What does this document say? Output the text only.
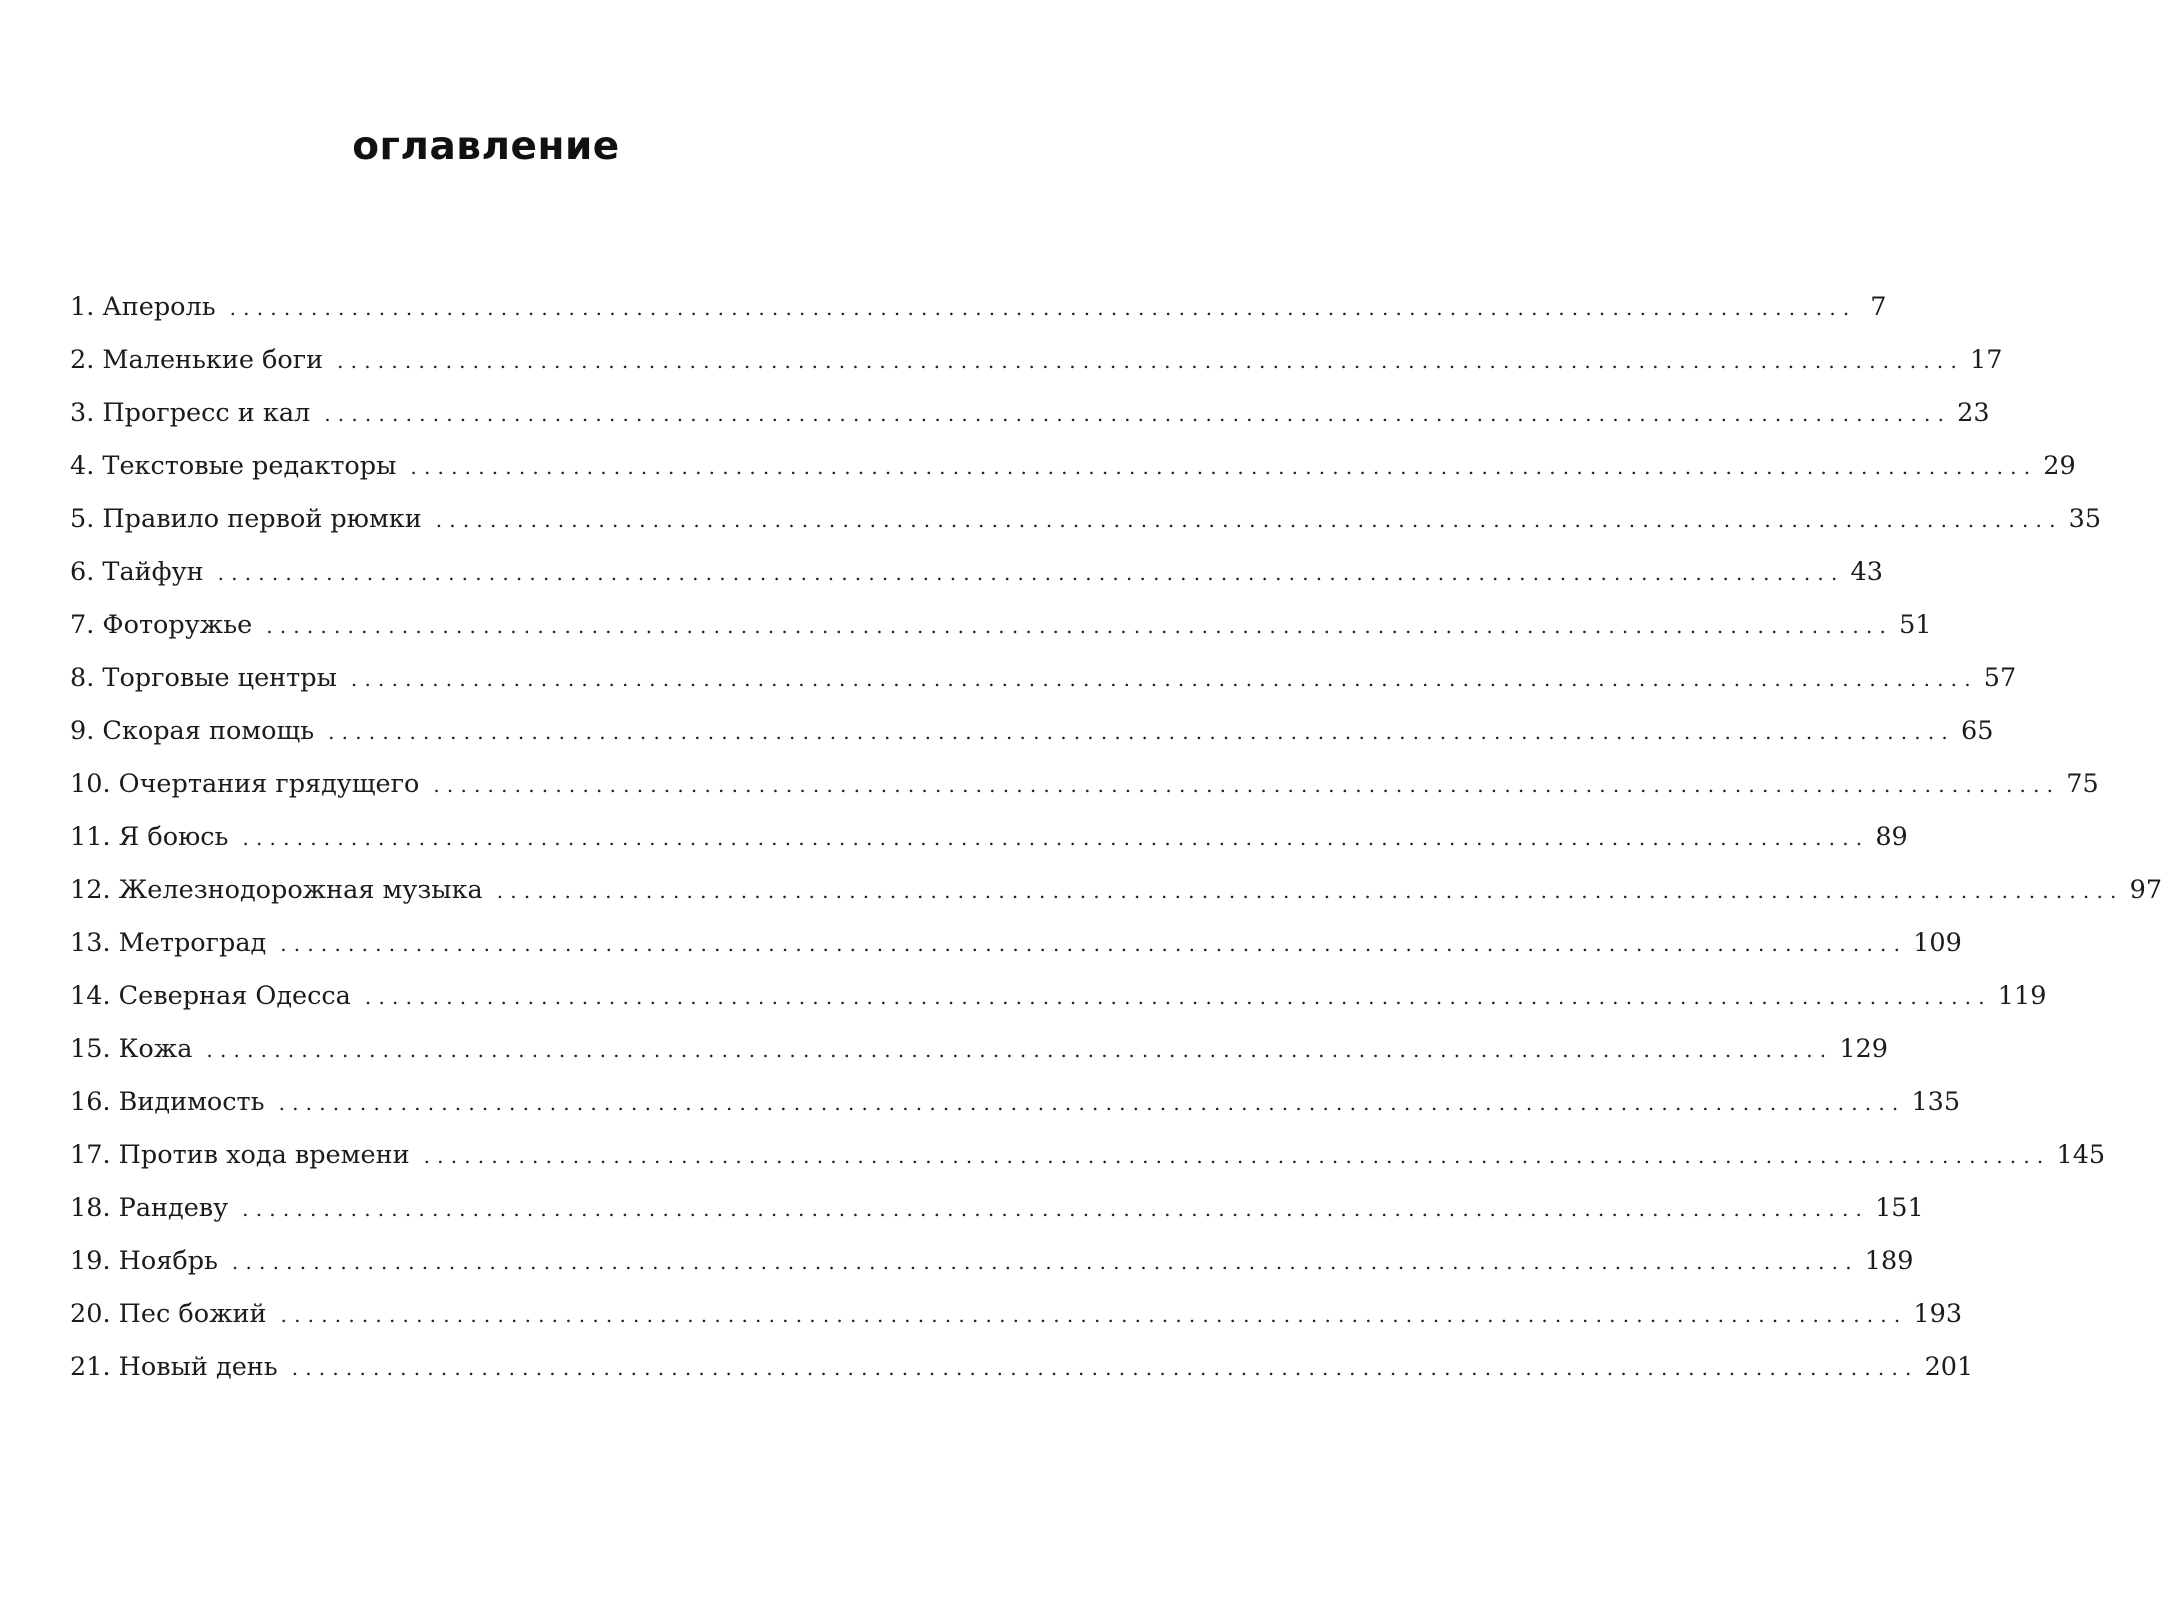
оглавление
1. Апероль ........................................................................................................................ 7
2. Маленькие боги ........................................................................................................................ 17
3. Прогресс и кал ........................................................................................................................ 23
4. Текстовые редакторы ........................................................................................................................ 29
5. Правило первой рюмки ........................................................................................................................ 35
6. Тайфун ........................................................................................................................ 43
7. Фоторужье ........................................................................................................................ 51
8. Торговые центры ........................................................................................................................ 57
9. Скорая помощь ........................................................................................................................ 65
10. Очертания грядущего ........................................................................................................................ 75
11. Я боюсь ........................................................................................................................ 89
12. Железнодорожная музыка ........................................................................................................................ 97
13. Метроград ........................................................................................................................ 109
14. Северная Одесса ........................................................................................................................ 119
15. Кожа ........................................................................................................................ 129
16. Видимость ........................................................................................................................ 135
17. Против хода времени ........................................................................................................................ 145
18. Рандеву ........................................................................................................................ 151
19. Ноябрь ........................................................................................................................ 189
20. Пес божий ........................................................................................................................ 193
21. Новый день ........................................................................................................................ 201
